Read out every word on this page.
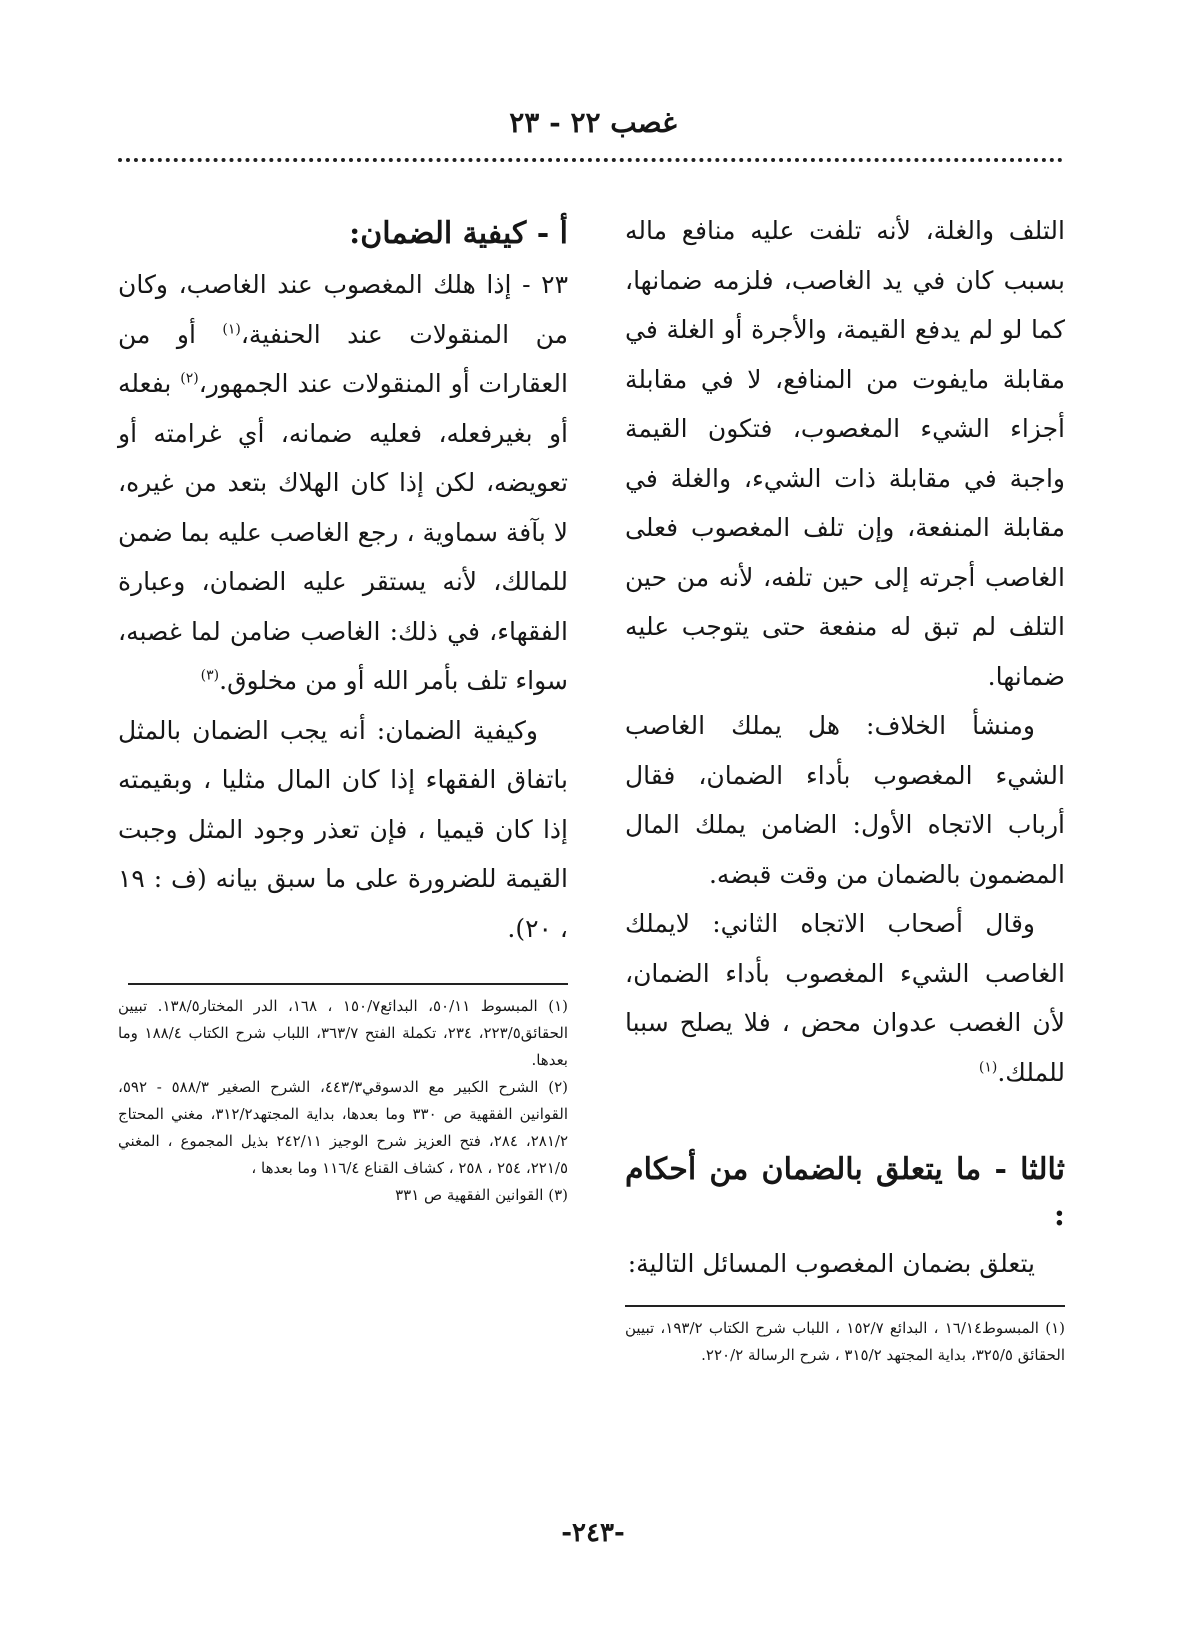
غصب ٢٢ - ٢٣

التلف والغلة، لأنه تلفت عليه منافع ماله بسبب كان في يد الغاصب، فلزمه ضمانها، كما لو لم يدفع القيمة، والأجرة أو الغلة في مقابلة مايفوت من المنافع، لا في مقابلة أجزاء الشيء المغصوب، فتكون القيمة واجبة في مقابلة ذات الشيء، والغلة في مقابلة المنفعة، وإن تلف المغصوب فعلى الغاصب أجرته إلى حين تلفه، لأنه من حين التلف لم تبق له منفعة حتى يتوجب عليه ضمانها.

ومنشأ الخلاف: هل يملك الغاصب الشيء المغصوب بأداء الضمان، فقال أرباب الاتجاه الأول: الضامن يملك المال المضمون بالضمان من وقت قبضه.

وقال أصحاب الاتجاه الثاني: لايملك الغاصب الشيء المغصوب بأداء الضمان، لأن الغصب عدوان محض ، فلا يصلح سببا للملك.$^{(١)}$

ثالثا - ما يتعلق بالضمان من أحكام :

يتعلق بضمان المغصوب المسائل التالية:

(١) المبسوط١٦/١٤ ، البدائع ١٥٢/٧ ، اللباب شرح الكتاب ١٩٣/٢، تبيين الحقائق ٣٢٥/٥، بداية المجتهد ٣١٥/٢ ، شرح الرسالة ٢٢٠/٢.

أ - كيفية الضمان:

٢٣ - إذا هلك المغصوب عند الغاصب، وكان من المنقولات عند الحنفية،$^{(١)}$ أو من العقارات أو المنقولات عند الجمهور،$^{(٢)}$ بفعله أو بغيرفعله، فعليه ضمانه، أي غرامته أو تعويضه، لكن إذا كان الهلاك بتعد من غيره، لا بآفة سماوية ، رجع الغاصب عليه بما ضمن للمالك، لأنه يستقر عليه الضمان، وعبارة الفقهاء، في ذلك: الغاصب ضامن لما غصبه، سواء تلف بأمر الله أو من مخلوق.$^{(٣)}$

وكيفية الضمان: أنه يجب الضمان بالمثل باتفاق الفقهاء إذا كان المال مثليا ، وبقيمته إذا كان قيميا ، فإن تعذر وجود المثل وجبت القيمة للضرورة على ما سبق بيانه (ف : ١٩ ، ٢٠).

(١) المبسوط ٥٠/١١، البدائع١٥٠/٧ ، ١٦٨، الدر المختار١٣٨/٥. تبيين الحقائق٢٢٣/٥، ٢٣٤، تكملة الفتح ٣٦٣/٧، اللباب شرح الكتاب ١٨٨/٤ وما بعدها.

(٢) الشرح الكبير مع الدسوقي٤٤٣/٣، الشرح الصغير ٥٨٨/٣ - ٥٩٢، القوانين الفقهية ص ٣٣٠ وما بعدها، بداية المجتهد٣١٢/٢، مغني المحتاج ٢٨١/٢، ٢٨٤، فتح العزيز شرح الوجيز ٢٤٢/١١ بذيل المجموع ، المغني ٢٢١/٥، ٢٥٤ ، ٢٥٨ ، كشاف القناع ١١٦/٤ وما بعدها ،

(٣) القوانين الفقهية ص ٣٣١

-٢٤٣-
